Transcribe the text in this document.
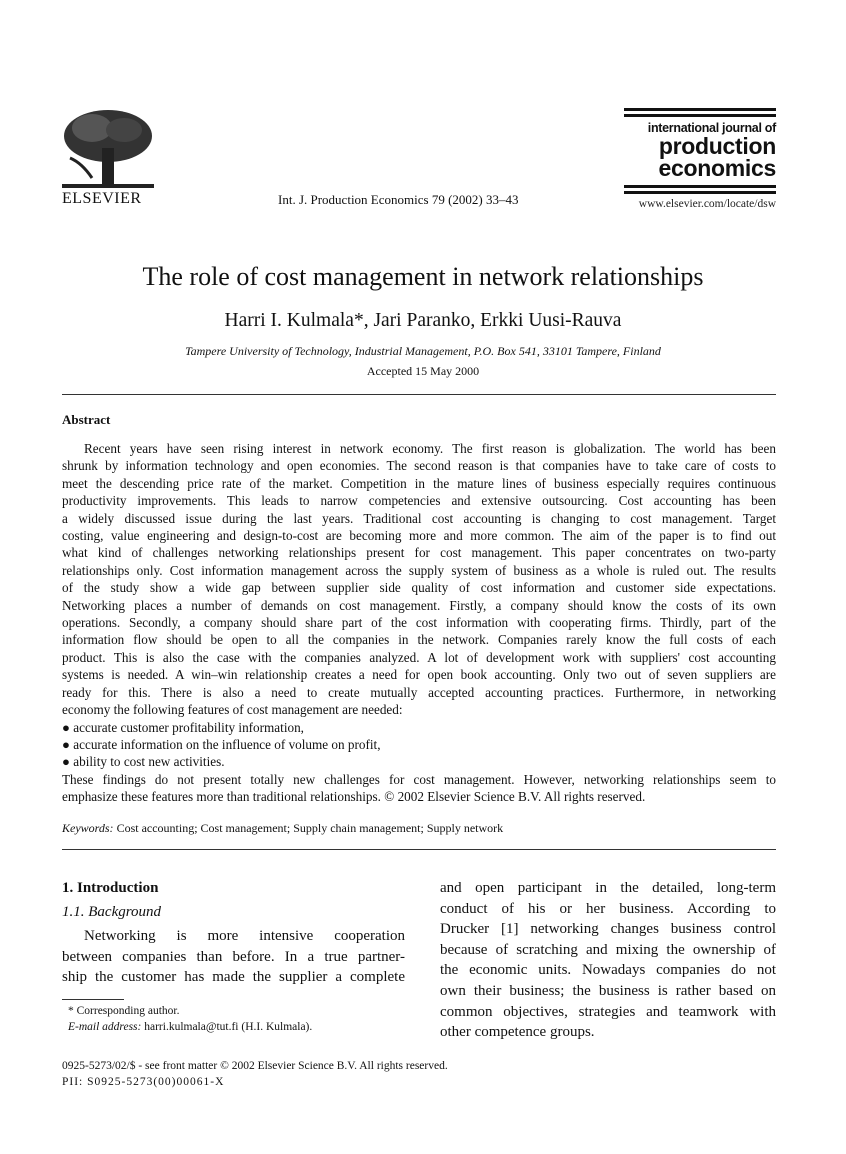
ELSEVIER	Int. J. Production Economics 79 (2002) 33–43
international journal of
production
economics
www.elsevier.com/locate/dsw
The role of cost management in network relationships
Harri I. Kulmala*, Jari Paranko, Erkki Uusi-Rauva
Tampere University of Technology, Industrial Management, P.O. Box 541, 33101 Tampere, Finland
Accepted 15 May 2000
Abstract
Recent years have seen rising interest in network economy. The first reason is globalization. The world has been
shrunk by information technology and open economies. The second reason is that companies have to take care of costs to
meet the descending price rate of the market. Competition in the mature lines of business especially requires continuous
productivity improvements. This leads to narrow competencies and extensive outsourcing. Cost accounting has been
a widely discussed issue during the last years. Traditional cost accounting is changing to cost management. Target
costing, value engineering and design-to-cost are becoming more and more common. The aim of the paper is to find out
what kind of challenges networking relationships present for cost management. This paper concentrates on two-party
relationships only. Cost information management across the supply system of business as a whole is ruled out. The results
of the study show a wide gap between supplier side quality of cost information and customer side expectations.
Networking places a number of demands on cost management. Firstly, a company should know the costs of its own
operations. Secondly, a company should share part of the cost information with cooperating firms. Thirdly, part of the
information flow should be open to all the companies in the network. Companies rarely know the full costs of each
product. This is also the case with the companies analyzed. A lot of development work with suppliers' cost accounting
systems is needed. A win–win relationship creates a need for open book accounting. Only two out of seven suppliers are
ready for this. There is also a need to create mutually accepted accounting practices. Furthermore, in networking
economy the following features of cost management are needed:
● accurate customer profitability information,
● accurate information on the influence of volume on profit,
● ability to cost new activities.
These findings do not present totally new challenges for cost management. However, networking relationships seem to
emphasize these features more than traditional relationships. © 2002 Elsevier Science B.V. All rights reserved.
Keywords: Cost accounting; Cost management; Supply chain management; Supply network
1. Introduction
1.1. Background
Networking is more intensive cooperation
between companies than before. In a true partner-
ship the customer has made the supplier a complete
* Corresponding author.
E-mail address: harri.kulmala@tut.fi (H.I. Kulmala).
and open participant in the detailed, long-term
conduct of his or her business. According to
Drucker [1] networking changes business control
because of scratching and mixing the ownership of
the economic units. Nowadays companies do not
own their business; the business is rather based on
common objectives, strategies and teamwork with
other competence groups.
0925-5273/02/$ - see front matter © 2002 Elsevier Science B.V. All rights reserved.
PII: S0925-5273(00)00061-X
